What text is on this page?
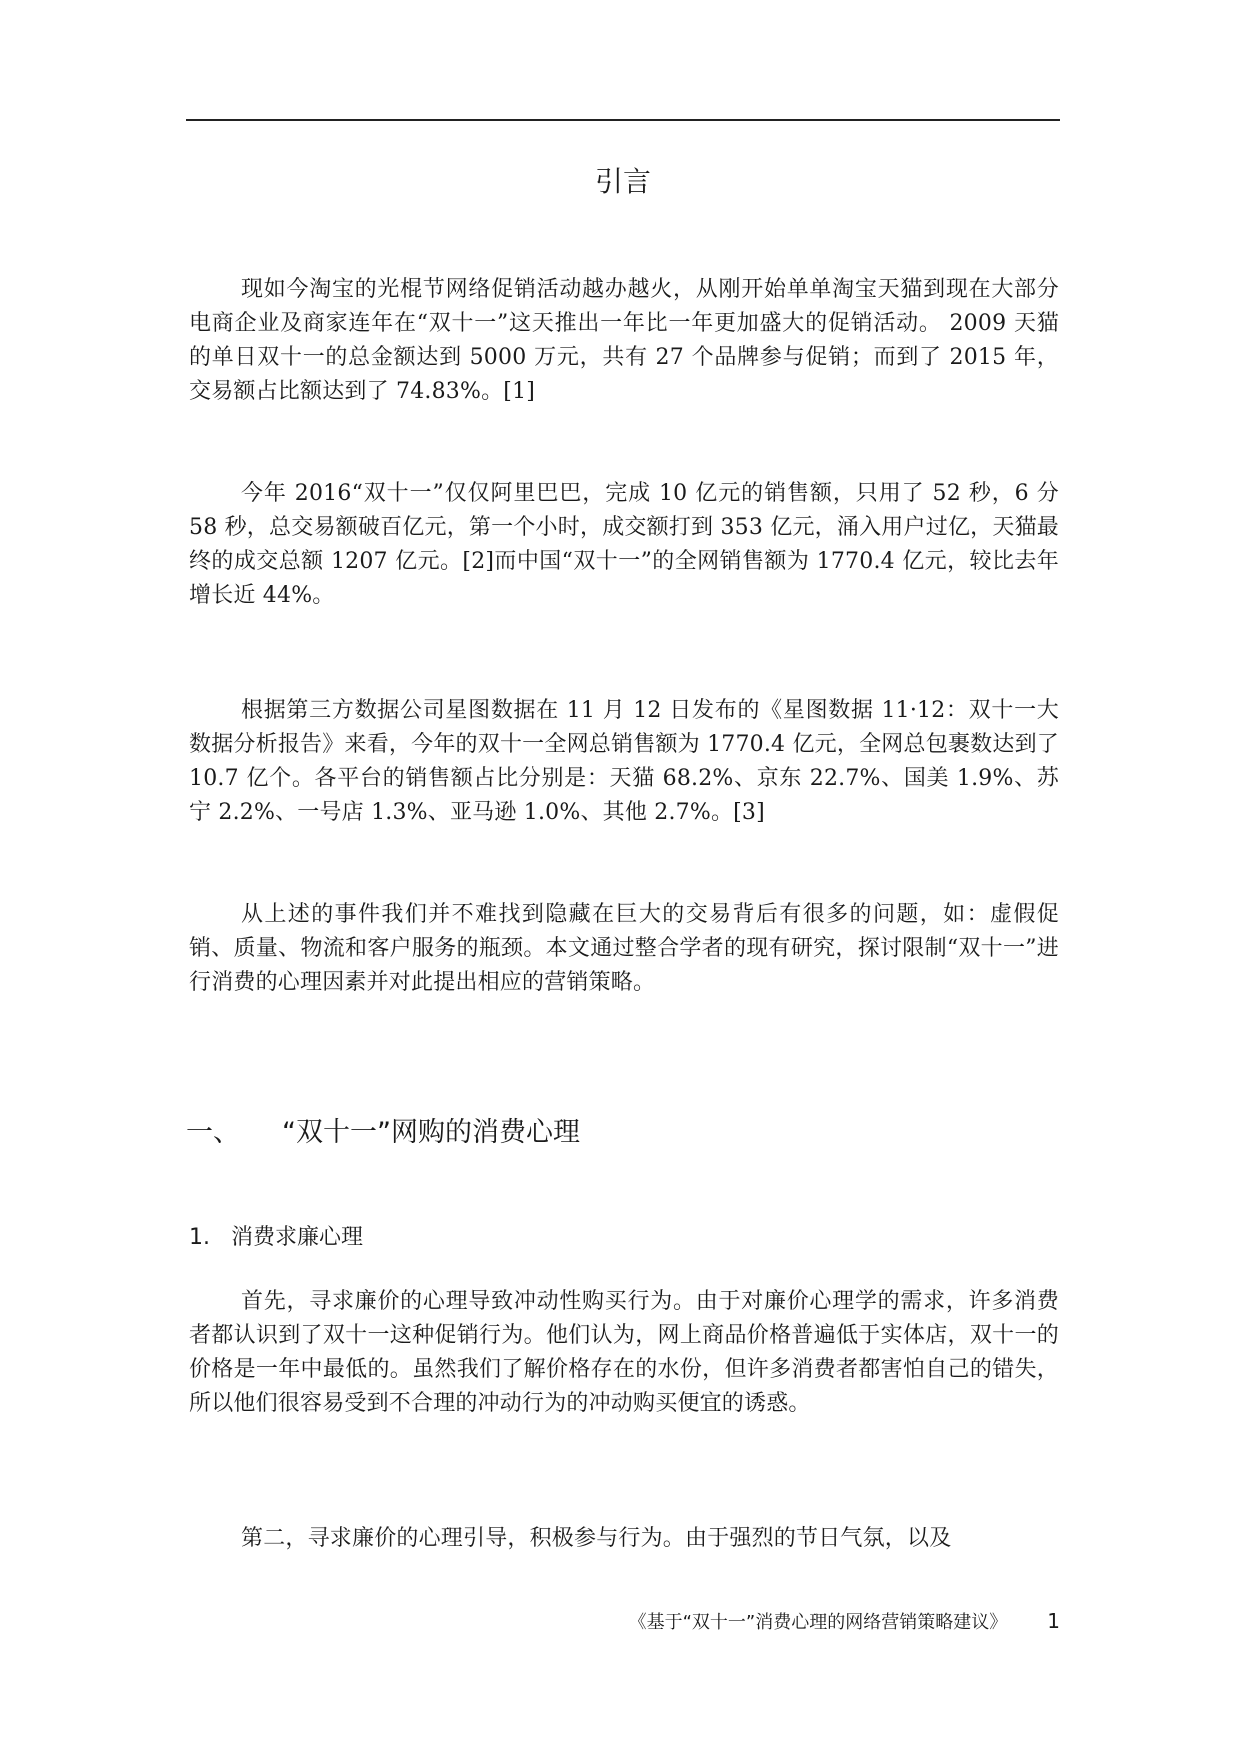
引言

现如今淘宝的光棍节网络促销活动越办越火，从刚开始单单淘宝天猫到现在大部分电商企业及商家连年在“双十一”这天推出一年比一年更加盛大的促销活动。 2009 天猫的单日双十一的总金额达到 5000 万元，共有 27 个品牌参与促销；而到了 2015 年，交易额占比额达到了 74.83%。[1]

今年 2016“双十一”仅仅阿里巴巴，完成 10 亿元的销售额，只用了 52 秒，6 分 58 秒，总交易额破百亿元，第一个小时，成交额打到 353 亿元，涌入用户过亿，天猫最终的成交总额 1207 亿元。[2]而中国“双十一”的全网销售额为 1770.4 亿元，较比去年增长近 44%。

根据第三方数据公司星图数据在 11 月 12 日发布的《星图数据 11·12：双十一大数据分析报告》来看，今年的双十一全网总销售额为 1770.4 亿元，全网总包裹数达到了 10.7 亿个。各平台的销售额占比分别是：天猫 68.2%、京东 22.7%、国美 1.9%、苏宁 2.2%、一号店 1.3%、亚马逊 1.0%、其他 2.7%。[3]

从上述的事件我们并不难找到隐藏在巨大的交易背后有很多的问题，如：虚假促销、质量、物流和客户服务的瓶颈。本文通过整合学者的现有研究，探讨限制“双十一”进行消费的心理因素并对此提出相应的营销策略。

一、 “双十一”网购的消费心理
1. 消费求廉心理

首先，寻求廉价的心理导致冲动性购买行为。由于对廉价心理学的需求，许多消费者都认识到了双十一这种促销行为。他们认为，网上商品价格普遍低于实体店，双十一的价格是一年中最低的。虽然我们了解价格存在的水份，但许多消费者都害怕自己的错失，所以他们很容易受到不合理的冲动行为的冲动购买便宜的诱惑。

第二，寻求廉价的心理引导，积极参与行为。由于强烈的节日气氛，以及

《基于“双十一”消费心理的网络营销策略建议》 1
